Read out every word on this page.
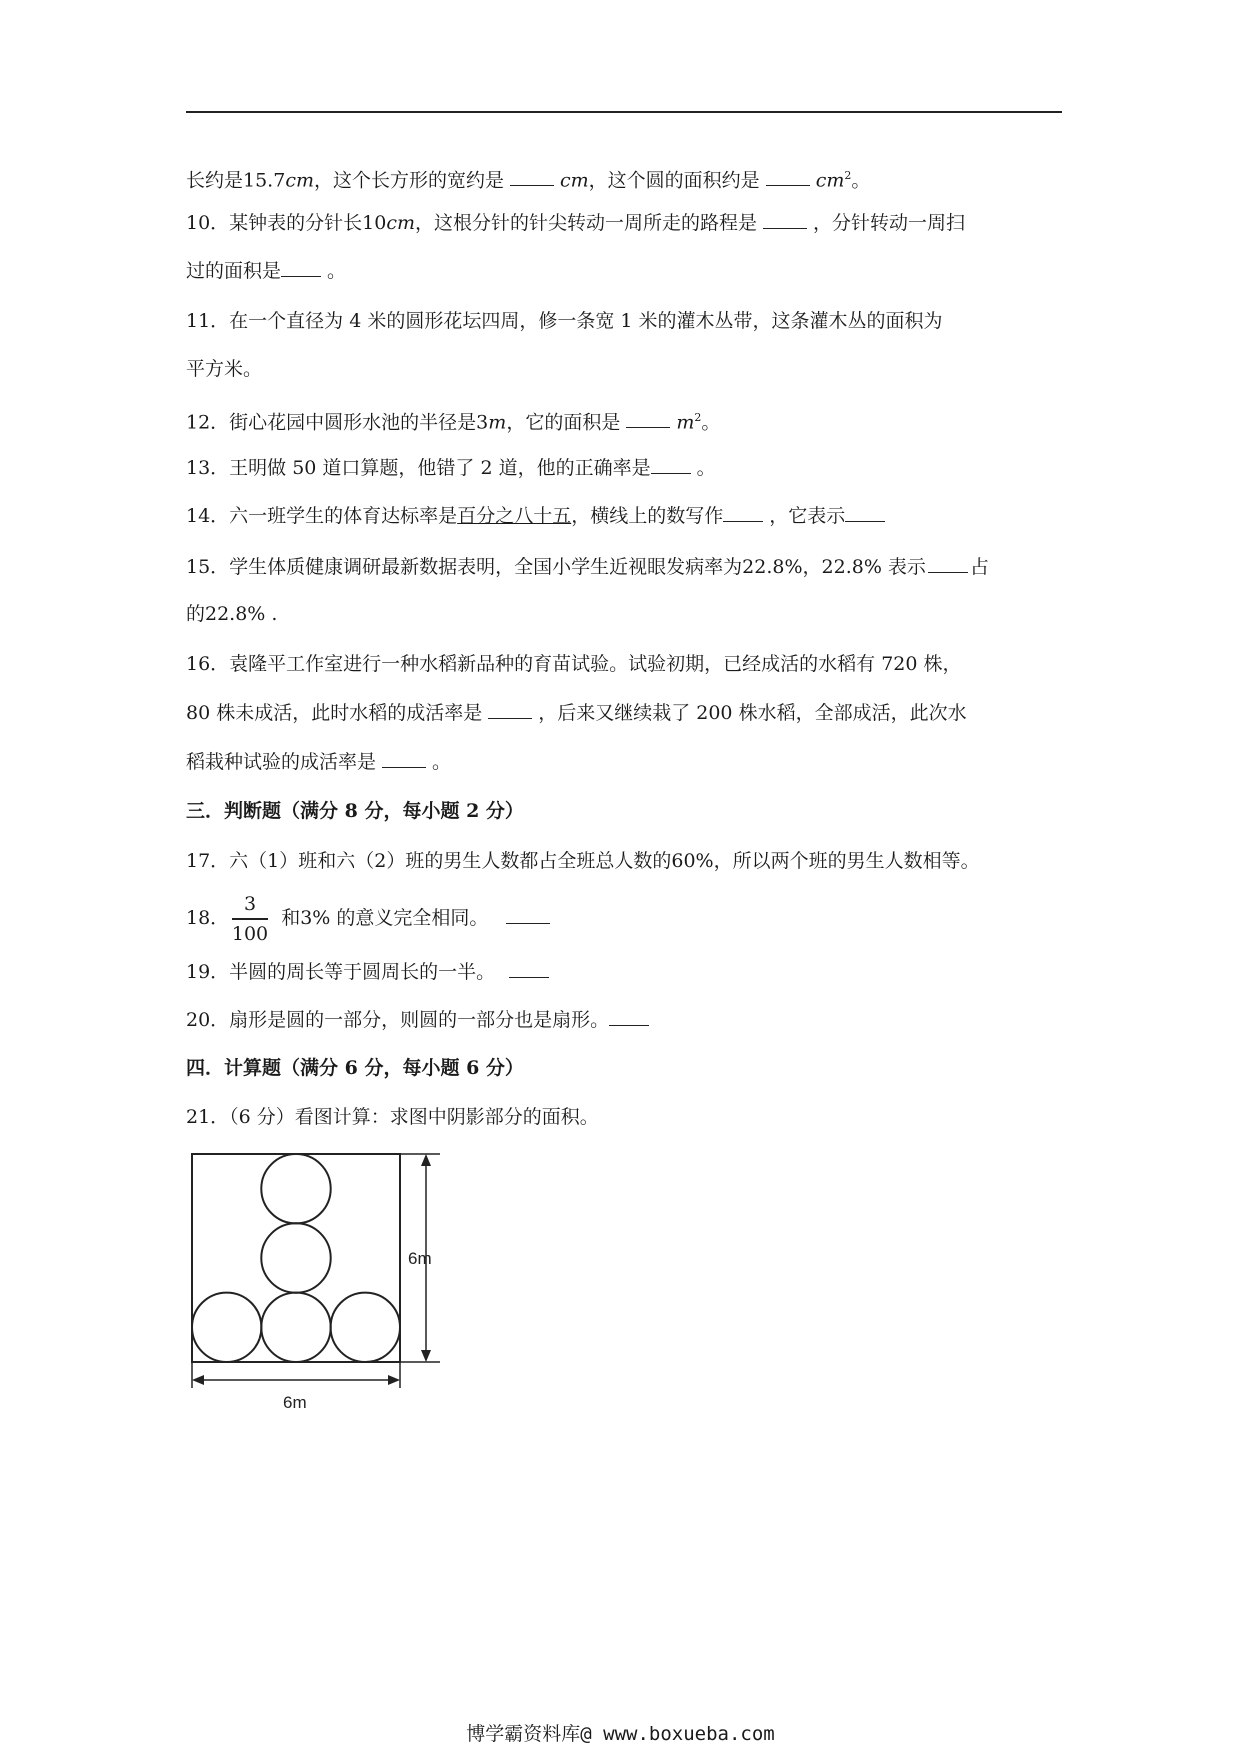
长约是15.7cm，这个长方形的宽约是	cm，这个圆的面积约是	$cm^2$。
10．某钟表的分针长10cm，这根分针的针尖转动一周所走的路程是	，分针转动一周扫
过的面积是 。
11．在一个直径为 4 米的圆形花坛四周，修一条宽 1 米的灌木丛带，这条灌木丛的面积为
平方米。
12．街心花园中圆形水池的半径是3m，它的面积是	$m^2$。
13．王明做 50 道口算题，他错了 2 道，他的正确率是 。
14．六一班学生的体育达标率是百分之八十五，横线上的数写作 ，它表示
15．学生体质健康调研最新数据表明，全国小学生近视眼发病率为22.8%，22.8% 表示 占
的22.8% .
16．袁隆平工作室进行一种水稻新品种的育苗试验。试验初期，已经成活的水稻有 720 株，
80 株未成活，此时水稻的成活率是	，后来又继续栽了 200 株水稻，全部成活，此次水
稻栽种试验的成活率是	。
三．判断题（满分 8 分，每小题 2 分）
17．六（1）班和六（2）班的男生人数都占全班总人数的60%，所以两个班的男生人数相等。
18．	和3% 的意义完全相同。
3
100
19．半圆的周长等于圆周长的一半。
20．扇形是圆的一部分，则圆的一部分也是扇形。
四．计算题（满分 6 分，每小题 6 分）
21．（6 分）看图计算：求图中阴影部分的面积。
6m
6m
博学霸资料库@ www.boxueba.com
